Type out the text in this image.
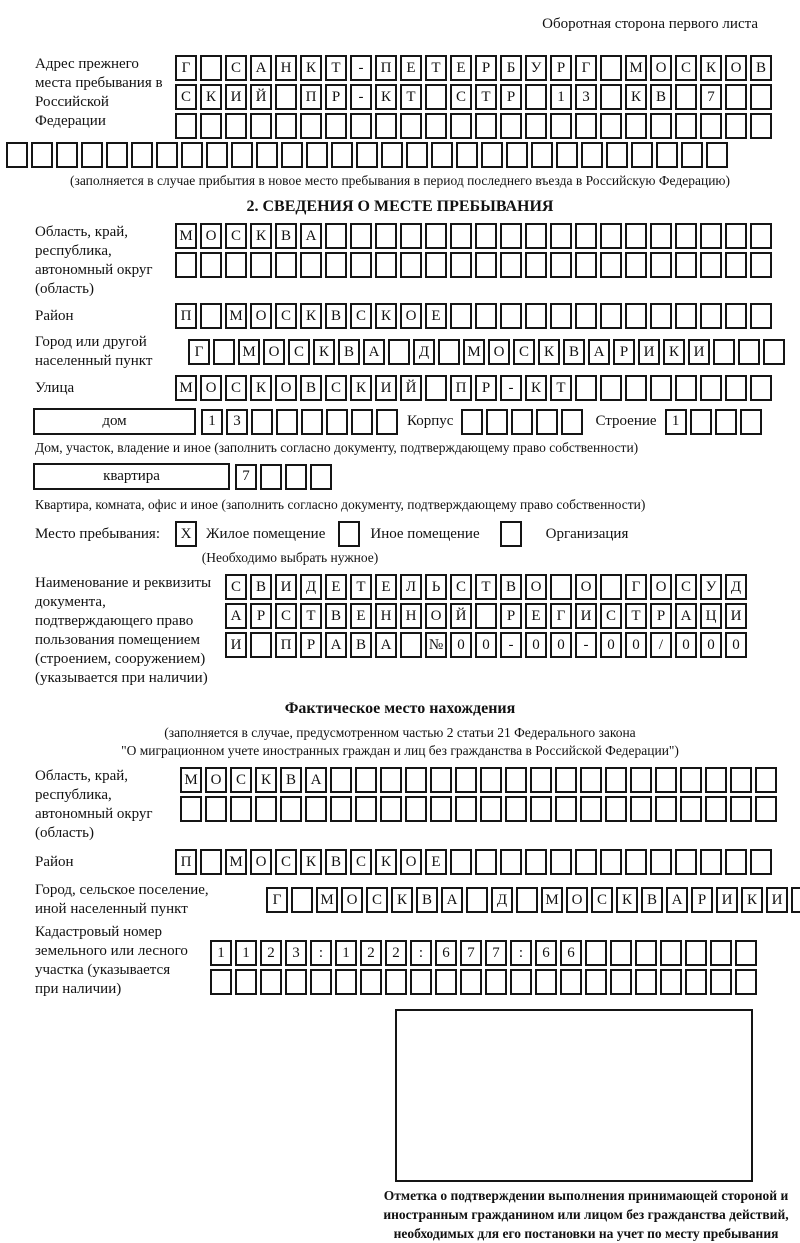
Оборотная сторона первого листа
Адрес прежнего места пребывания в Российской Федерации
Г	С А Н К	Т	-	П Е	Т	Е	Р	Б	У	Р	Г	М О С К О В
С К И Й	П	Р	-	К	Т	С	Т	Р	1	3	К В	7
(заполняется в случае прибытия в новое место пребывания в период последнего въезда в Российскую Федерацию)
2. СВЕДЕНИЯ О МЕСТЕ ПРЕБЫВАНИЯ
Область, край, республика, автономный округ (область)
М О С К В А
Район	П	М О С К В С К О Е
Город или другой населенный пункт
Г	М О С К В А	Д	М О С К В А	Р	И К И
Улица	М О С К О В С К И Й	П	Р	-	К	Т
дом	1	3	Корпус	Строение	1
Дом, участок, владение и иное (заполнить согласно документу, подтверждающему право собственности)
квартира	7
Квартира, комната, офис и иное (заполнить согласно документу, подтверждающему право собственности)
Место пребывания:	X Жилое помещение	Иное помещение	Организация
(Необходимо выбрать нужное)
Наименование и реквизиты документа, подтверждающего право пользования помещением (строением, сооружением) (указывается при наличии)
С В И Д	Е	Т	Е	Л	Ь	С	Т	В О	О	Г	О С У Д
А	Р	С	Т	В	Е	Н Н О Й	Р	Е	Г	И С	Т	Р	А Ц И
И	П	Р	А В А	№ 0	0	-	0	0	-	0	0	/	0	0	0
Фактическое место нахождения
(заполняется в случае, предусмотренном частью 2 статьи 21 Федерального закона
"О миграционном учете иностранных граждан и лиц без гражданства в Российской Федерации")
Область, край, республика, автономный округ (область)
М О С К В А
Район	П	М О С К В С К О Е
Город, сельское поселение, иной населенный пункт
Г	М О С К В А	Д	М О С К В А	Р	И К И
Кадастровый номер земельного или лесного участка (указывается при наличии)
1	1	2	3	:	1	2	2	:	6	7	7	:	6	6
Отметка о подтверждении выполнения принимающей стороной и иностранным гражданином или лицом без гражданства действий, необходимых для его постановки на учет по месту пребывания
